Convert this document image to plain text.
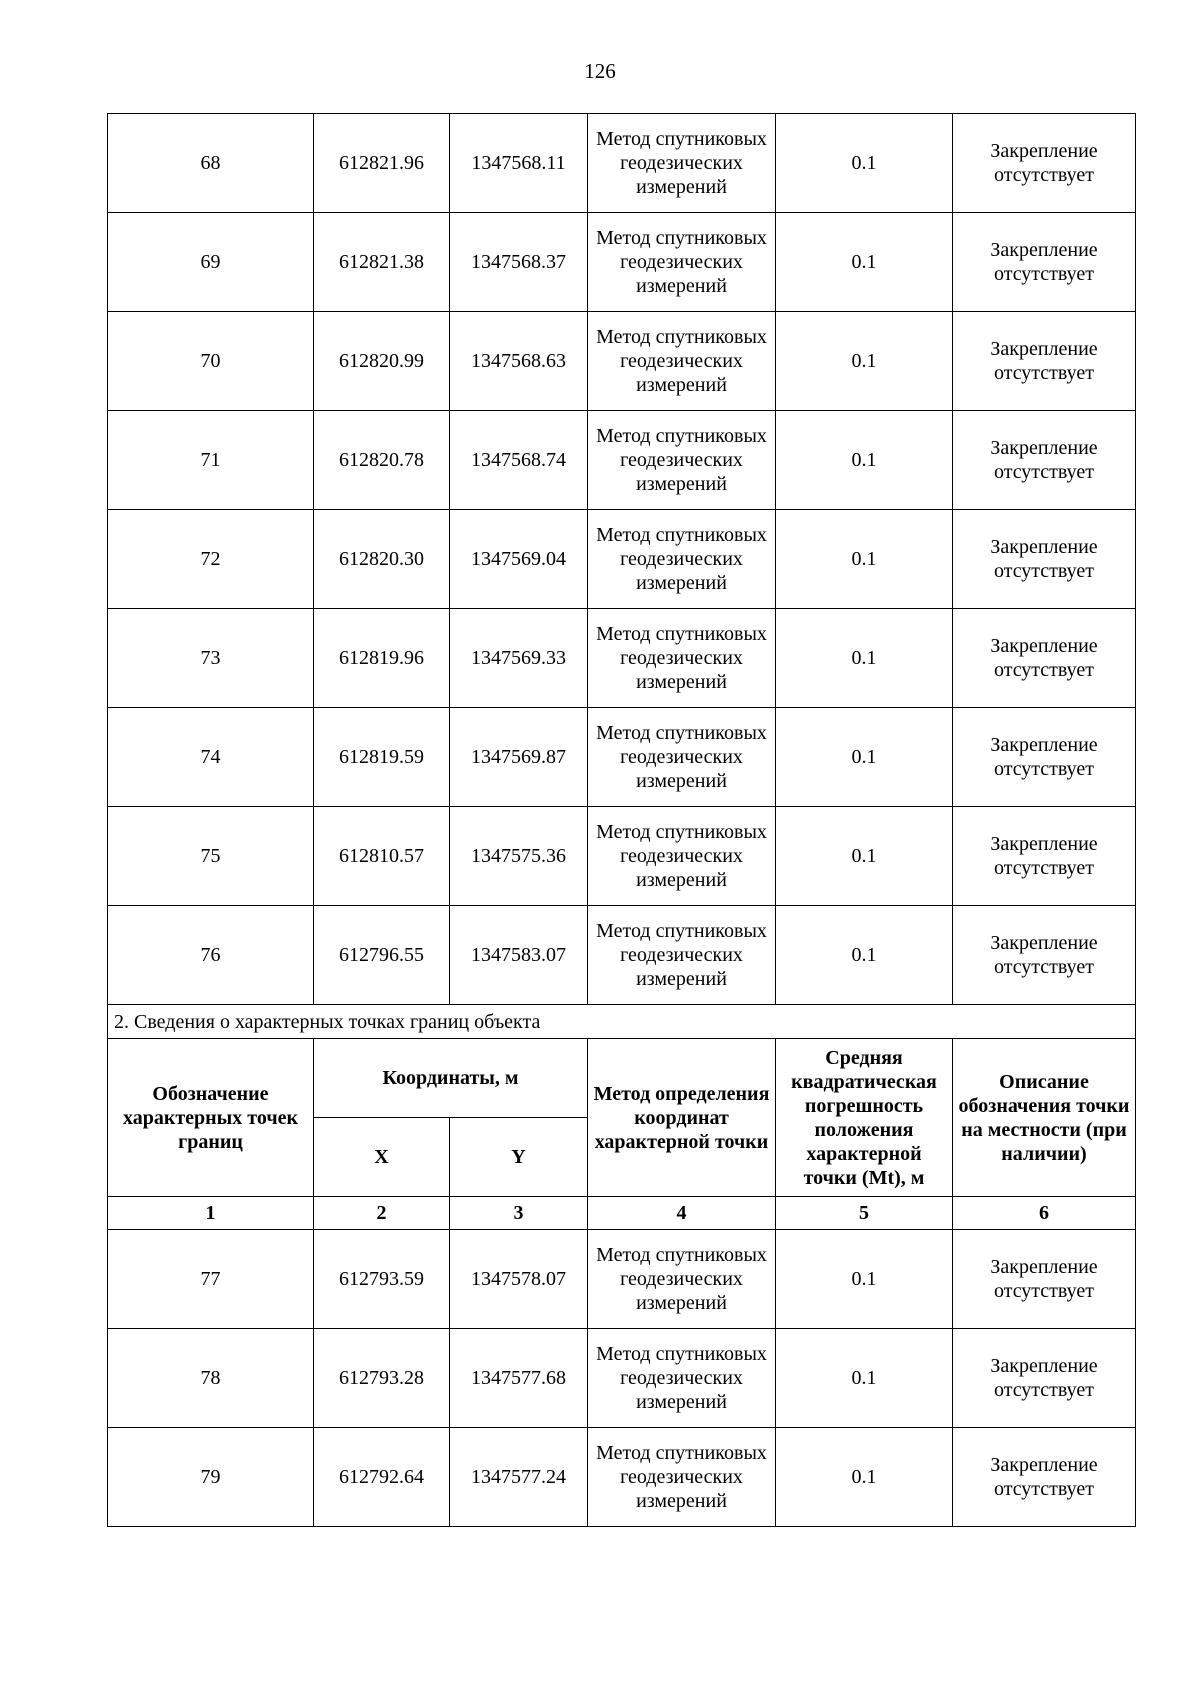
126
68	612821.96	1347568.11	Метод спутниковых геодезических измерений	0.1	Закрепление отсутствует
69	612821.38	1347568.37	Метод спутниковых геодезических измерений	0.1	Закрепление отсутствует
70	612820.99	1347568.63	Метод спутниковых геодезических измерений	0.1	Закрепление отсутствует
71	612820.78	1347568.74	Метод спутниковых геодезических измерений	0.1	Закрепление отсутствует
72	612820.30	1347569.04	Метод спутниковых геодезических измерений	0.1	Закрепление отсутствует
73	612819.96	1347569.33	Метод спутниковых геодезических измерений	0.1	Закрепление отсутствует
74	612819.59	1347569.87	Метод спутниковых геодезических измерений	0.1	Закрепление отсутствует
75	612810.57	1347575.36	Метод спутниковых геодезических измерений	0.1	Закрепление отсутствует
76	612796.55	1347583.07	Метод спутниковых геодезических измерений	0.1	Закрепление отсутствует
2. Сведения о характерных точках границ объекта					
Обозначение характерных точек границ	Координаты, м		Метод определения координат характерной точки	Средняя квадратическая погрешность положения характерной точки (Mt), м	Описание обозначения точки на местности (при наличии)
	X	Y			
1	2	3	4	5	6
77	612793.59	1347578.07	Метод спутниковых геодезических измерений	0.1	Закрепление отсутствует
78	612793.28	1347577.68	Метод спутниковых геодезических измерений	0.1	Закрепление отсутствует
79	612792.64	1347577.24	Метод спутниковых геодезических измерений	0.1	Закрепление отсутствует
